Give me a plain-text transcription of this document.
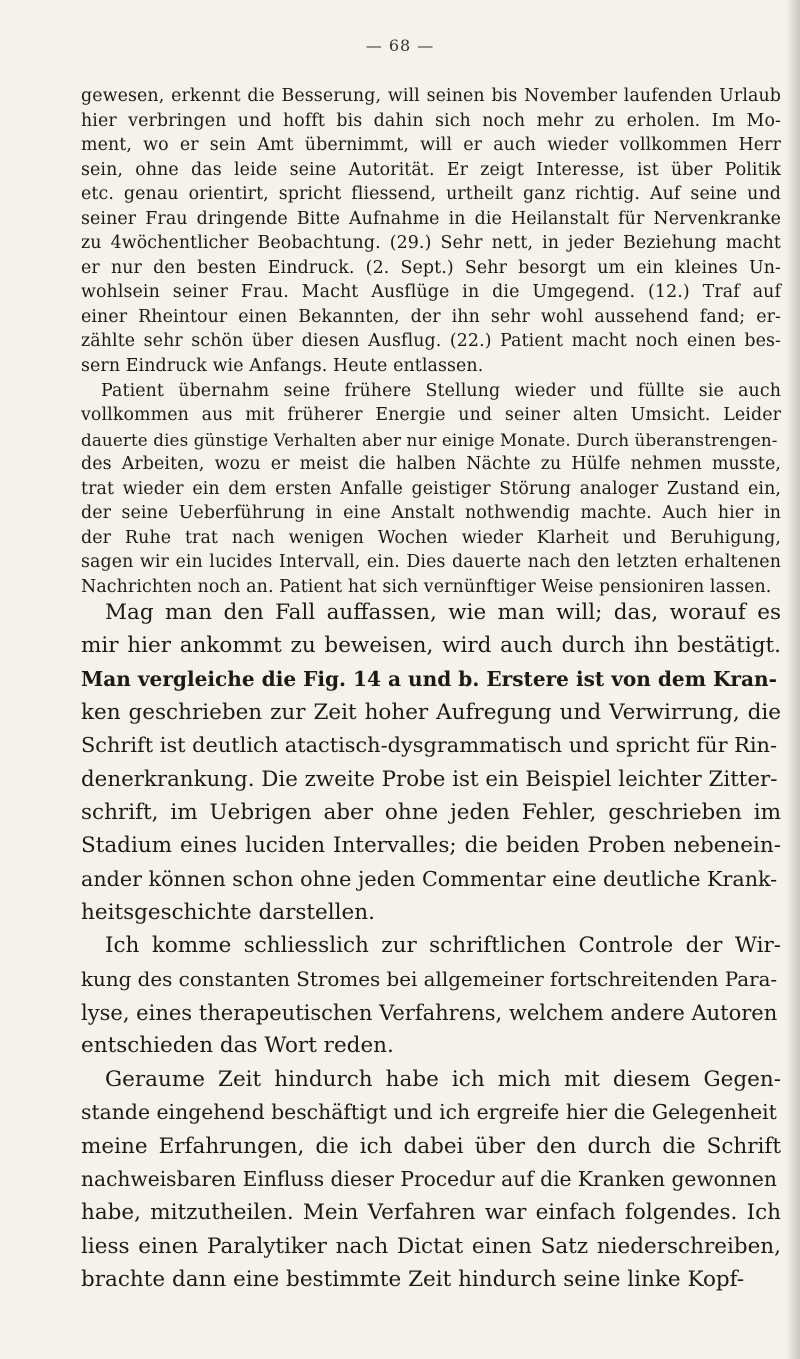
— 68 —

gewesen, erkennt die Besserung, will seinen bis November laufenden Urlaub
hier verbringen und hofft bis dahin sich noch mehr zu erholen. Im Mo-
ment, wo er sein Amt übernimmt, will er auch wieder vollkommen Herr
sein, ohne das leide seine Autorität. Er zeigt Interesse, ist über Politik
etc. genau orientirt, spricht fliessend, urtheilt ganz richtig. Auf seine und
seiner Frau dringende Bitte Aufnahme in die Heilanstalt für Nervenkranke
zu 4wöchentlicher Beobachtung. (29.) Sehr nett, in jeder Beziehung macht
er nur den besten Eindruck. (2. Sept.) Sehr besorgt um ein kleines Un-
wohlsein seiner Frau. Macht Ausflüge in die Umgegend. (12.) Traf auf
einer Rheintour einen Bekannten, der ihn sehr wohl aussehend fand; er-
zählte sehr schön über diesen Ausflug. (22.) Patient macht noch einen bes-
sern Eindruck wie Anfangs. Heute entlassen.

Patient übernahm seine frühere Stellung wieder und füllte sie auch
vollkommen aus mit früherer Energie und seiner alten Umsicht. Leider
dauerte dies günstige Verhalten aber nur einige Monate. Durch überanstrengen-
des Arbeiten, wozu er meist die halben Nächte zu Hülfe nehmen musste,
trat wieder ein dem ersten Anfalle geistiger Störung analoger Zustand ein,
der seine Ueberführung in eine Anstalt nothwendig machte. Auch hier in
der Ruhe trat nach wenigen Wochen wieder Klarheit und Beruhigung,
sagen wir ein lucides Intervall, ein. Dies dauerte nach den letzten erhaltenen
Nachrichten noch an. Patient hat sich vernünftiger Weise pensioniren lassen.

Mag man den Fall auffassen, wie man will; das, worauf es
mir hier ankommt zu beweisen, wird auch durch ihn bestätigt.
Man vergleiche die Fig. 14 a und b. Erstere ist von dem Kran-
ken geschrieben zur Zeit hoher Aufregung und Verwirrung, die
Schrift ist deutlich atactisch-dysgrammatisch und spricht für Rin-
denerkrankung. Die zweite Probe ist ein Beispiel leichter Zitter-
schrift, im Uebrigen aber ohne jeden Fehler, geschrieben im
Stadium eines luciden Intervalles; die beiden Proben nebenein-
ander können schon ohne jeden Commentar eine deutliche Krank-
heitsgeschichte darstellen.

Ich komme schliesslich zur schriftlichen Controle der Wir-
kung des constanten Stromes bei allgemeiner fortschreitenden Para-
lyse, eines therapeutischen Verfahrens, welchem andere Autoren
entschieden das Wort reden.

Geraume Zeit hindurch habe ich mich mit diesem Gegen-
stande eingehend beschäftigt und ich ergreife hier die Gelegenheit
meine Erfahrungen, die ich dabei über den durch die Schrift
nachweisbaren Einfluss dieser Procedur auf die Kranken gewonnen
habe, mitzutheilen. Mein Verfahren war einfach folgendes. Ich
liess einen Paralytiker nach Dictat einen Satz niederschreiben,
brachte dann eine bestimmte Zeit hindurch seine linke Kopf-
